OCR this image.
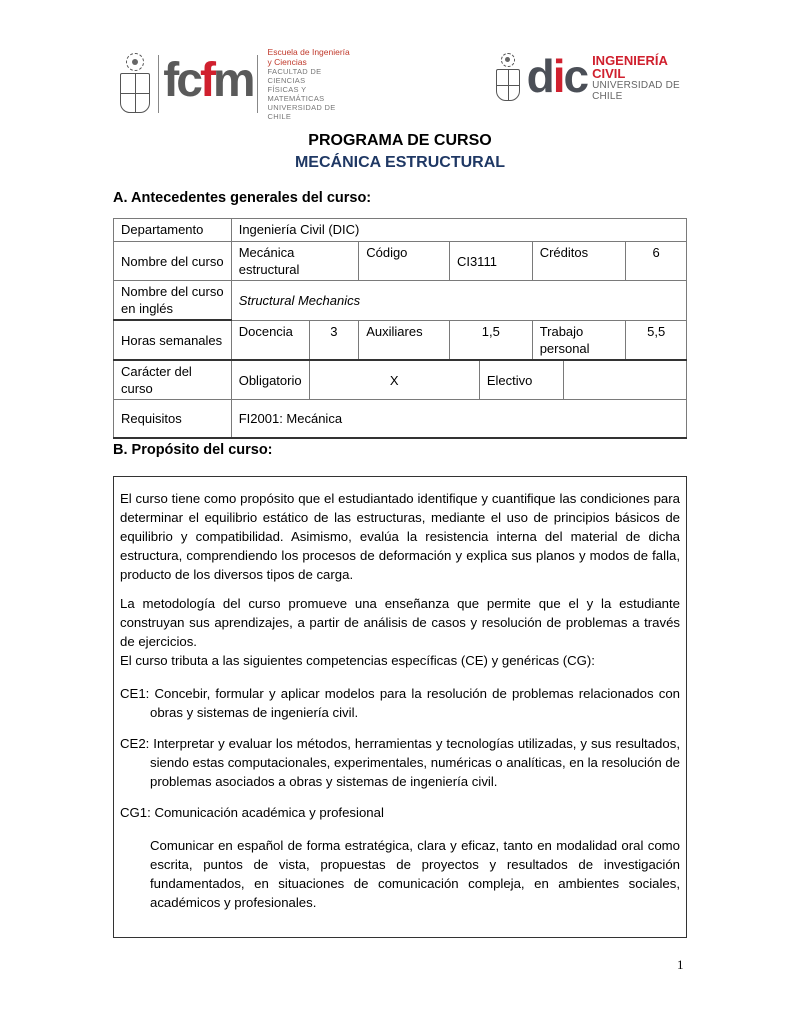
fcfm
Escuela de Ingeniería
y Ciencias
FACULTAD DE CIENCIAS
FÍSICAS Y MATEMÁTICAS
UNIVERSIDAD DE CHILE
dic INGENIERÍA CIVIL
UNIVERSIDAD DE CHILE
PROGRAMA DE CURSO
MECÁNICA ESTRUCTURAL
A. Antecedentes generales del curso:
Departamento	Ingeniería Civil (DIC)							
Nombre del curso	Mecánica estructural		Código	CI3111		Créditos		6
Nombre del curso en inglés	Structural Mechanics							
Horas semanales	Docencia	3	Auxiliares	1,5		Trabajo personal		5,5
Carácter del curso	Obligatorio	X			Electivo			
Requisitos	FI2001: Mecánica							
B. Propósito del curso:

El curso tiene como propósito que el estudiantado identifique y cuantifique las condiciones para determinar el equilibrio estático de las estructuras, mediante el uso de principios básicos de equilibrio y compatibilidad. Asimismo, evalúa la resistencia interna del material de dicha estructura, comprendiendo los procesos de deformación y explica sus planos y modos de falla, producto de los diversos tipos de carga.

La metodología del curso promueve una enseñanza que permite que el y la estudiante construyan sus aprendizajes, a partir de análisis de casos y resolución de problemas a través de ejercicios.

El curso tributa a las siguientes competencias específicas (CE) y genéricas (CG):

CE1: Concebir, formular y aplicar modelos para la resolución de problemas relacionados con obras y sistemas de ingeniería civil.

CE2: Interpretar y evaluar los métodos, herramientas y tecnologías utilizadas, y sus resultados, siendo estas computacionales, experimentales, numéricas o analíticas, en la resolución de problemas asociados a obras y sistemas de ingeniería civil.

CG1: Comunicación académica y profesional

Comunicar en español de forma estratégica, clara y eficaz, tanto en modalidad oral como escrita, puntos de vista, propuestas de proyectos y resultados de investigación fundamentados, en situaciones de comunicación compleja, en ambientes sociales, académicos y profesionales.

1
